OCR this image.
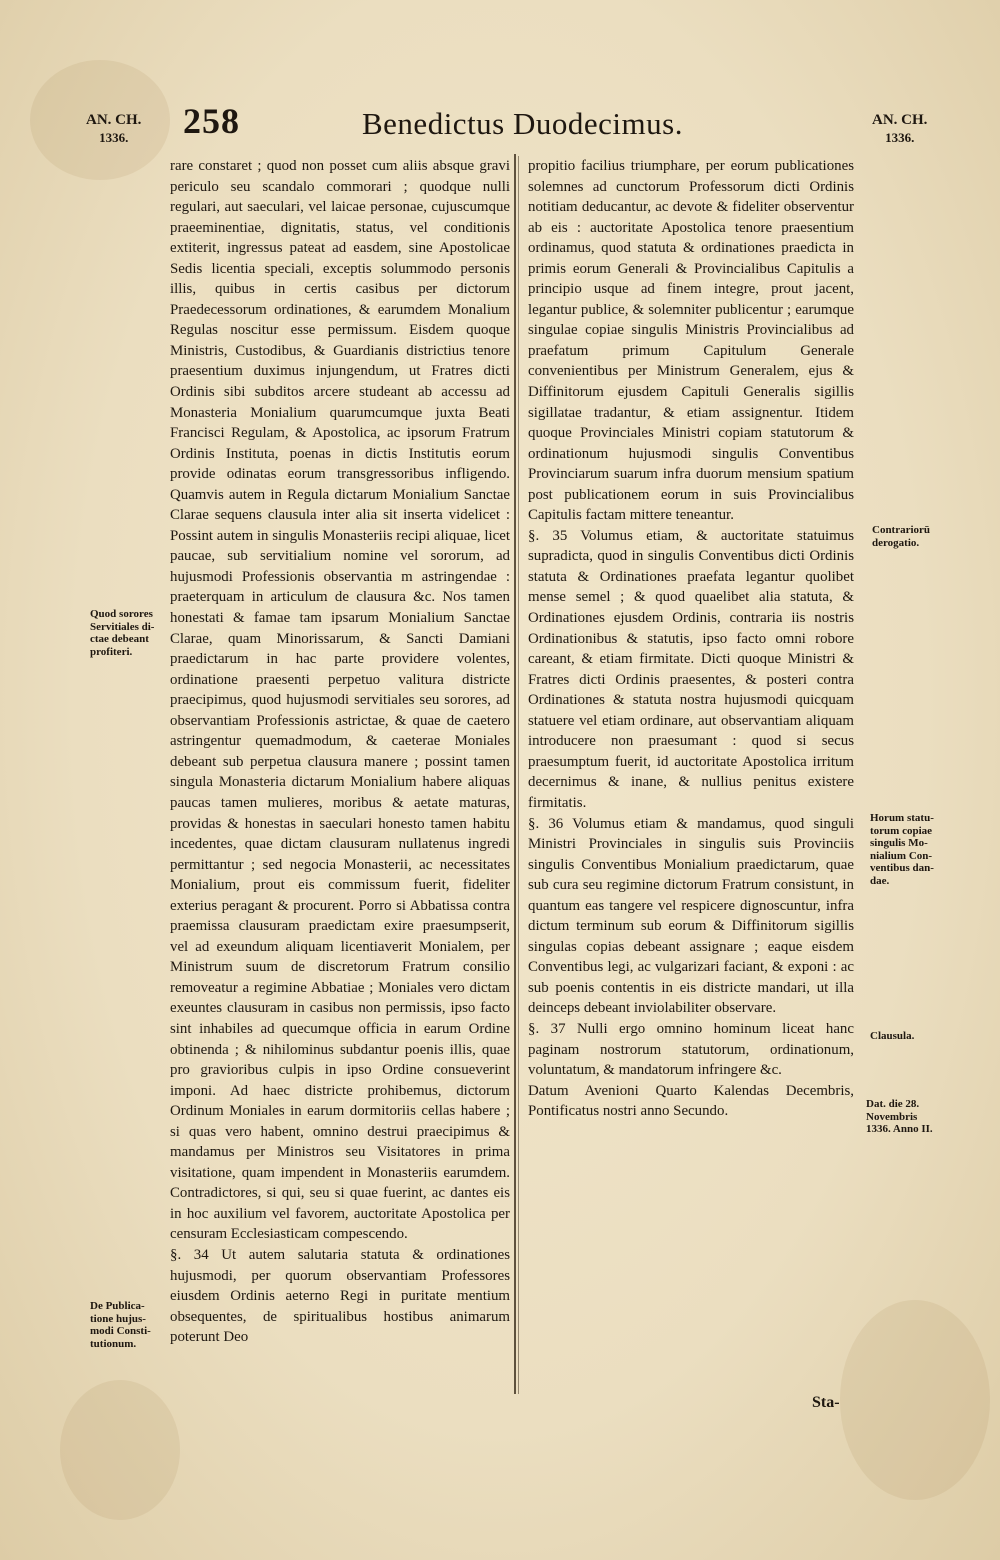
AN. CH.
1336.	258	Benedictus Duodecimus.	AN. CH.
1336.

rare constaret ; quod non posset cum aliis absque gravi periculo seu scandalo commorari ; quodque nulli regulari, aut saeculari, vel laicae personae, cujuscumque praeeminentiae, dignitatis, status, vel conditionis extiterit, ingressus pateat ad easdem, sine Apostolicae Sedis licentia speciali, exceptis solummodo personis illis, quibus in certis casibus per dictorum Praedecessorum ordinationes, & earumdem Monalium Regulas noscitur esse permissum. Eisdem quoque Ministris, Custodibus, & Guardianis districtius tenore praesentium duximus injungendum, ut Fratres dicti Ordinis sibi subditos arcere studeant ab accessu ad Monasteria Monialium quarumcumque juxta Beati Francisci Regulam, & Apostolica, ac ipsorum Fratrum Ordinis Instituta, poenas in dictis Institutis eorum provide odinatas eorum transgressoribus infligendo. Quamvis autem in Regula dictarum Monialium Sanctae Clarae sequens clausula inter alia sit inserta videlicet : Possint autem in singulis Monasteriis recipi aliquae, licet paucae, sub servitialium nomine vel sororum, ad hujusmodi Professionis observantia m astringendae : praeterquam in articulum de clausura &c. Nos tamen honestati & famae tam ipsarum Monialium Sanctae Clarae, quam Minorissarum, & Sancti Damiani praedictarum in hac parte providere volentes, ordinatione praesenti perpetuo valitura districte praecipimus, quod hujusmodi servitiales seu sorores, ad observantiam Professionis astrictae, & quae de caetero astringentur quemadmodum, & caeterae Moniales debeant sub perpetua clausura manere ; possint tamen singula Monasteria dictarum Monialium habere aliquas paucas tamen mulieres, moribus & aetate maturas, providas & honestas in saeculari honesto tamen habitu incedentes, quae dictam clausuram nullatenus ingredi permittantur ; sed negocia Monasterii, ac necessitates Monialium, prout eis commissum fuerit, fideliter exterius peragant & procurent. Porro si Abbatissa contra praemissa clausuram praedictam exire praesumpserit, vel ad exeundum aliquam licentiaverit Monialem, per Ministrum suum de discretorum Fratrum consilio removeatur a regimine Abbatiae ; Moniales vero dictam exeuntes clausuram in casibus non permissis, ipso facto sint inhabiles ad quecumque officia in earum Ordine obtinenda ; & nihilominus subdantur poenis illis, quae pro gravioribus culpis in ipso Ordine consueverint imponi. Ad haec districte prohibemus, dictorum Ordinum Moniales in earum dormitoriis cellas habere ; si quas vero habent, omnino destrui praecipimus & mandamus per Ministros seu Visitatores in prima visitatione, quam impendent in Monasteriis earumdem. Contradictores, si qui, seu si quae fuerint, ac dantes eis in hoc auxilium vel favorem, auctoritate Apostolica per censuram Ecclesiasticam compescendo.

§. 34 Ut autem salutaria statuta & ordinationes hujusmodi, per quorum observantiam Professores eiusdem Ordinis aeterno Regi in puritate mentium obsequentes, de spiritualibus hostibus animarum poterunt Deo

propitio facilius triumphare, per eorum publicationes solemnes ad cunctorum Professorum dicti Ordinis notitiam deducantur, ac devote & fideliter observentur ab eis : auctoritate Apostolica tenore praesentium ordinamus, quod statuta & ordinationes praedicta in primis eorum Generali & Provincialibus Capitulis a principio usque ad finem integre, prout jacent, legantur publice, & solemniter publicentur ; earumque singulae copiae singulis Ministris Provincialibus ad praefatum primum Capitulum Generale convenientibus per Ministrum Generalem, ejus & Diffinitorum ejusdem Capituli Generalis sigillis sigillatae tradantur, & etiam assignentur. Itidem quoque Provinciales Ministri copiam statutorum & ordinationum hujusmodi singulis Conventibus Provinciarum suarum infra duorum mensium spatium post publicationem eorum in suis Provincialibus Capitulis factam mittere teneantur.

§. 35 Volumus etiam, & auctoritate statuimus supradicta, quod in singulis Conventibus dicti Ordinis statuta & Ordinationes praefata legantur quolibet mense semel ; & quod quaelibet alia statuta, & Ordinationes ejusdem Ordinis, contraria iis nostris Ordinationibus & statutis, ipso facto omni robore careant, & etiam firmitate. Dicti quoque Ministri & Fratres dicti Ordinis praesentes, & posteri contra Ordinationes & statuta nostra hujusmodi quicquam statuere vel etiam ordinare, aut observantiam aliquam introducere non praesumant : quod si secus praesumptum fuerit, id auctoritate Apostolica irritum decernimus & inane, & nullius penitus existere firmitatis.

§. 36 Volumus etiam & mandamus, quod singuli Ministri Provinciales in singulis suis Provinciis singulis Conventibus Monialium praedictarum, quae sub cura seu regimine dictorum Fratrum consistunt, in quantum eas tangere vel respicere dignoscuntur, infra dictum terminum sub eorum & Diffinitorum sigillis singulas copias debeant assignare ; eaque eisdem Conventibus legi, ac vulgarizari faciant, & exponi : ac sub poenis contentis in eis districte mandari, ut illa deinceps debeant inviolabiliter observare.

§. 37 Nulli ergo omnino hominum liceat hanc paginam nostrorum statutorum, ordinationum, voluntatum, & mandatorum infringere &c.

Datum Avenioni Quarto Kalendas Decembris, Pontificatus nostri anno Secundo.

Quod sorores
Servitiales di-
ctae debeant
profiteri.
De Publica-
tione hujus-
modi Consti-
tutionum.
Contrariorū
derogatio.
Horum statu-
torum copiae
singulis Mo-
nialium Con-
ventibus dan-
dae.
Clausula.
Dat. die 28.
Novembris
1336. Anno II.
Sta-
